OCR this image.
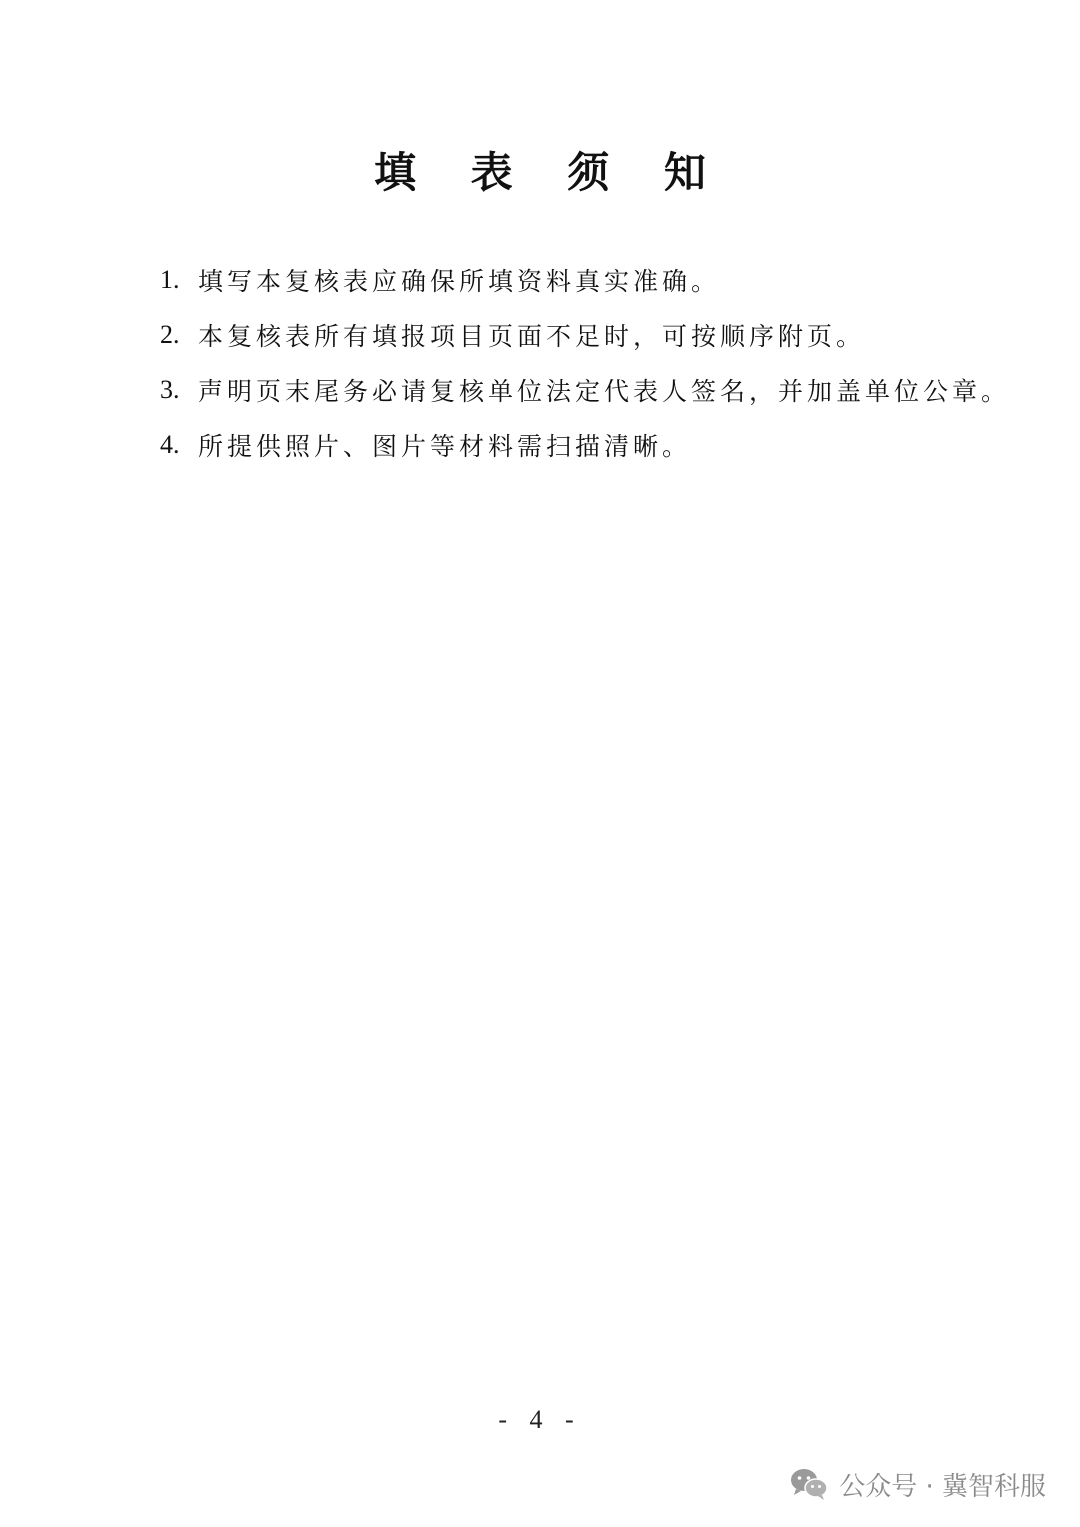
填 表 须 知
1. 填写本复核表应确保所填资料真实准确。
2. 本复核表所有填报项目页面不足时，可按顺序附页。
3. 声明页末尾务必请复核单位法定代表人签名，并加盖单位公章。
4. 所提供照片、图片等材料需扫描清晰。
- 4 -
公众号 · 冀智科服
